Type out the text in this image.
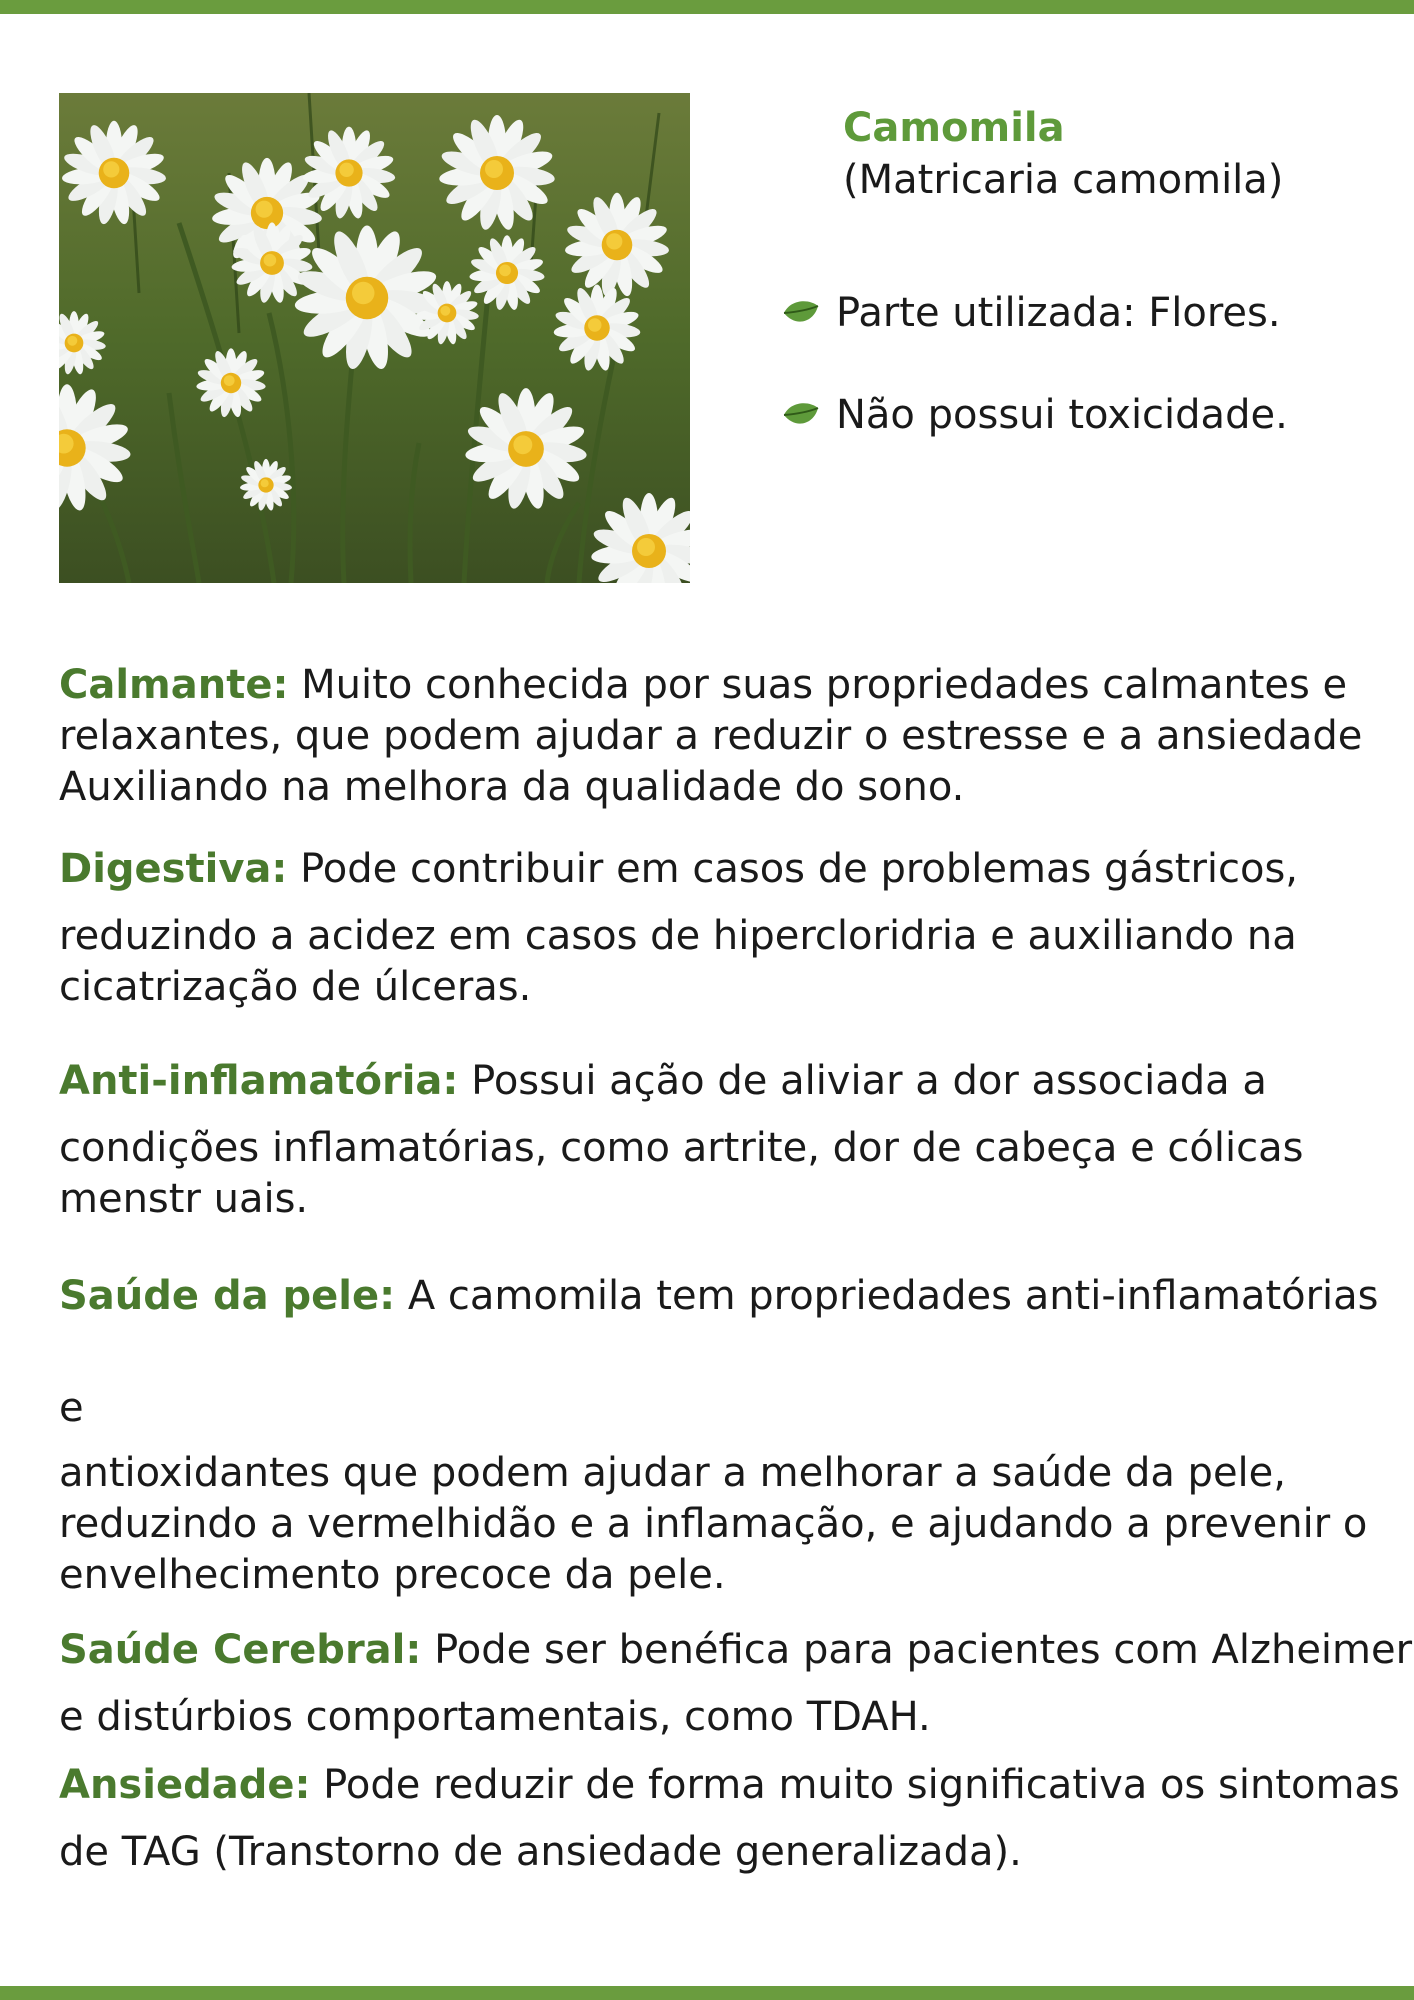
Camomila
(Matricaria camomila)
Parte utilizada: Flores.
Não possui toxicidade.
Calmante: Muito conhecida por suas propriedades calmantes e
relaxantes, que podem ajudar a reduzir o estresse e a ansiedade
Auxiliando na melhora da qualidade do sono.
Digestiva: Pode contribuir em casos de problemas gástricos,
reduzindo a acidez em casos de hipercloridria e auxiliando na
cicatrização de úlceras.
Anti-inflamatória: Possui ação de aliviar a dor associada a
condições inflamatórias, como artrite, dor de cabeça e cólicas
menstr uais.
Saúde da pele: A camomila tem propriedades anti-inflamatórias
e
antioxidantes que podem ajudar a melhorar a saúde da pele,
reduzindo a vermelhidão e a inflamação, e ajudando a prevenir o
envelhecimento precoce da pele.
Saúde Cerebral: Pode ser benéfica para pacientes com Alzheimer
e distúrbios comportamentais, como TDAH.
Ansiedade: Pode reduzir de forma muito significativa os sintomas
de TAG (Transtorno de ansiedade generalizada).
